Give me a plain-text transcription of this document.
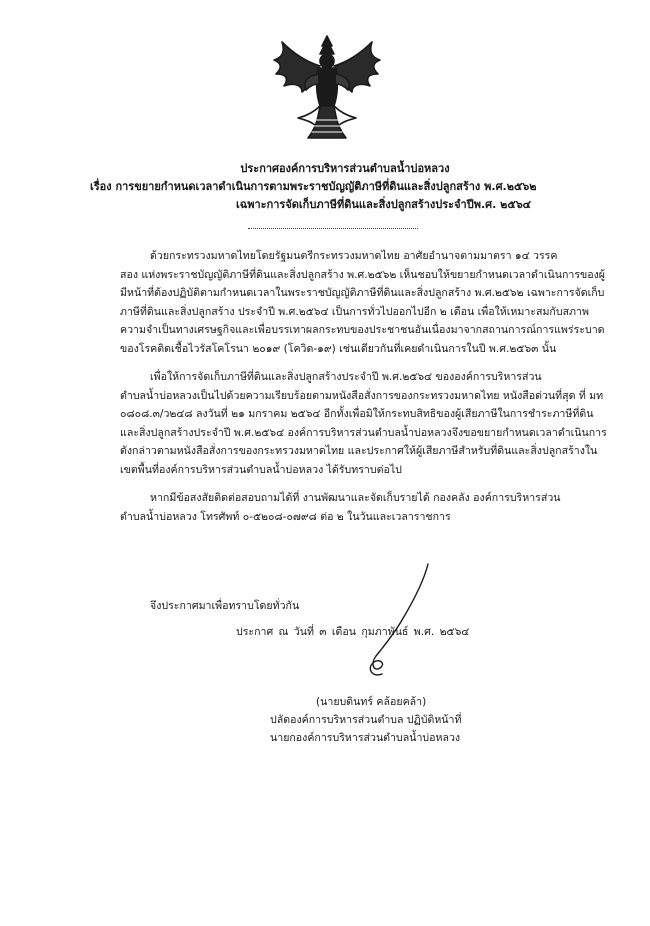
ประกาศองค์การบริหารส่วนตำบลน้ำบ่อหลวง
เรื่อง การขยายกำหนดเวลาดำเนินการตามพระราชบัญญัติภาษีที่ดินและสิ่งปลูกสร้าง พ.ศ.๒๕๖๒
เฉพาะการจัดเก็บภาษีที่ดินและสิ่งปลูกสร้างประจำปีพ.ศ. ๒๕๖๔

ด้วยกระทรวงมหาดไทยโดยรัฐมนตรีกระทรวงมหาดไทย อาศัยอำนาจตามมาตรา ๑๔ วรรค
สอง แห่งพระราชบัญญัติภาษีที่ดินและสิ่งปลูกสร้าง พ.ศ.๒๕๖๒ เห็นชอบให้ขยายกำหนดเวลาดำเนินการของผู้
มีหน้าที่ต้องปฏิบัติตามกำหนดเวลาในพระราชบัญญัติภาษีที่ดินและสิ่งปลูกสร้าง พ.ศ.๒๕๖๒ เฉพาะการจัดเก็บ
ภาษีที่ดินและสิ่งปลูกสร้าง ประจำปี พ.ศ.๒๕๖๔ เป็นการทั่วไปออกไปอีก ๒ เดือน เพื่อให้เหมาะสมกับสภาพ
ความจำเป็นทางเศรษฐกิจและเพื่อบรรเทาผลกระทบของประชาชนอันเนื่องมาจากสถานการณ์การแพร่ระบาด
ของโรคติดเชื้อไวรัสโคโรนา ๒๐๑๙ (โควิด-๑๙) เช่นเดียวกันที่เคยดำเนินการในปี พ.ศ.๒๕๖๓ นั้น

เพื่อให้การจัดเก็บภาษีที่ดินและสิ่งปลูกสร้างประจำปี พ.ศ.๒๕๖๔ ขององค์การบริหารส่วน
ตำบลน้ำบ่อหลวงเป็นไปด้วยความเรียบร้อยตามหนังสือสั่งการของกระทรวงมหาดไทย หนังสือด่วนที่สุด ที่ มท
๐๘๐๘.๓/ว๒๔๘ ลงวันที่ ๒๑ มกราคม ๒๕๖๔ อีกทั้งเพื่อมิให้กระทบสิทธิของผู้เสียภาษีในการชำระภาษีที่ดิน
และสิ่งปลูกสร้างประจำปี พ.ศ.๒๕๖๔ องค์การบริหารส่วนตำบลน้ำบ่อหลวงจึงขอขยายกำหนดเวลาดำเนินการ
ดังกล่าวตามหนังสือสั่งการของกระทรวงมหาดไทย และประกาศให้ผู้เสียภาษีสำหรับที่ดินและสิ่งปลูกสร้างใน
เขตพื้นที่องค์การบริหารส่วนตำบลน้ำบ่อหลวง ได้รับทราบต่อไป

หากมีข้อสงสัยติดต่อสอบถามได้ที่ งานพัฒนาและจัดเก็บรายได้ กองคลัง องค์การบริหารส่วน
ตำบลน้ำบ่อหลวง โทรศัพท์ ๐-๕๒๐๘-๐๗๙๘ ต่อ ๒ ในวันและเวลาราชการ

จึงประกาศมาเพื่อทราบโดยทั่วกัน
ประกาศ ณ วันที่ ๓ เดือน กุมภาพันธ์ พ.ศ. ๒๕๖๔
(นายบดินทร์ คล้อยคล้า)
ปลัดองค์การบริหารส่วนตำบล ปฏิบัติหน้าที่
นายกองค์การบริหารส่วนตำบลน้ำบ่อหลวง
